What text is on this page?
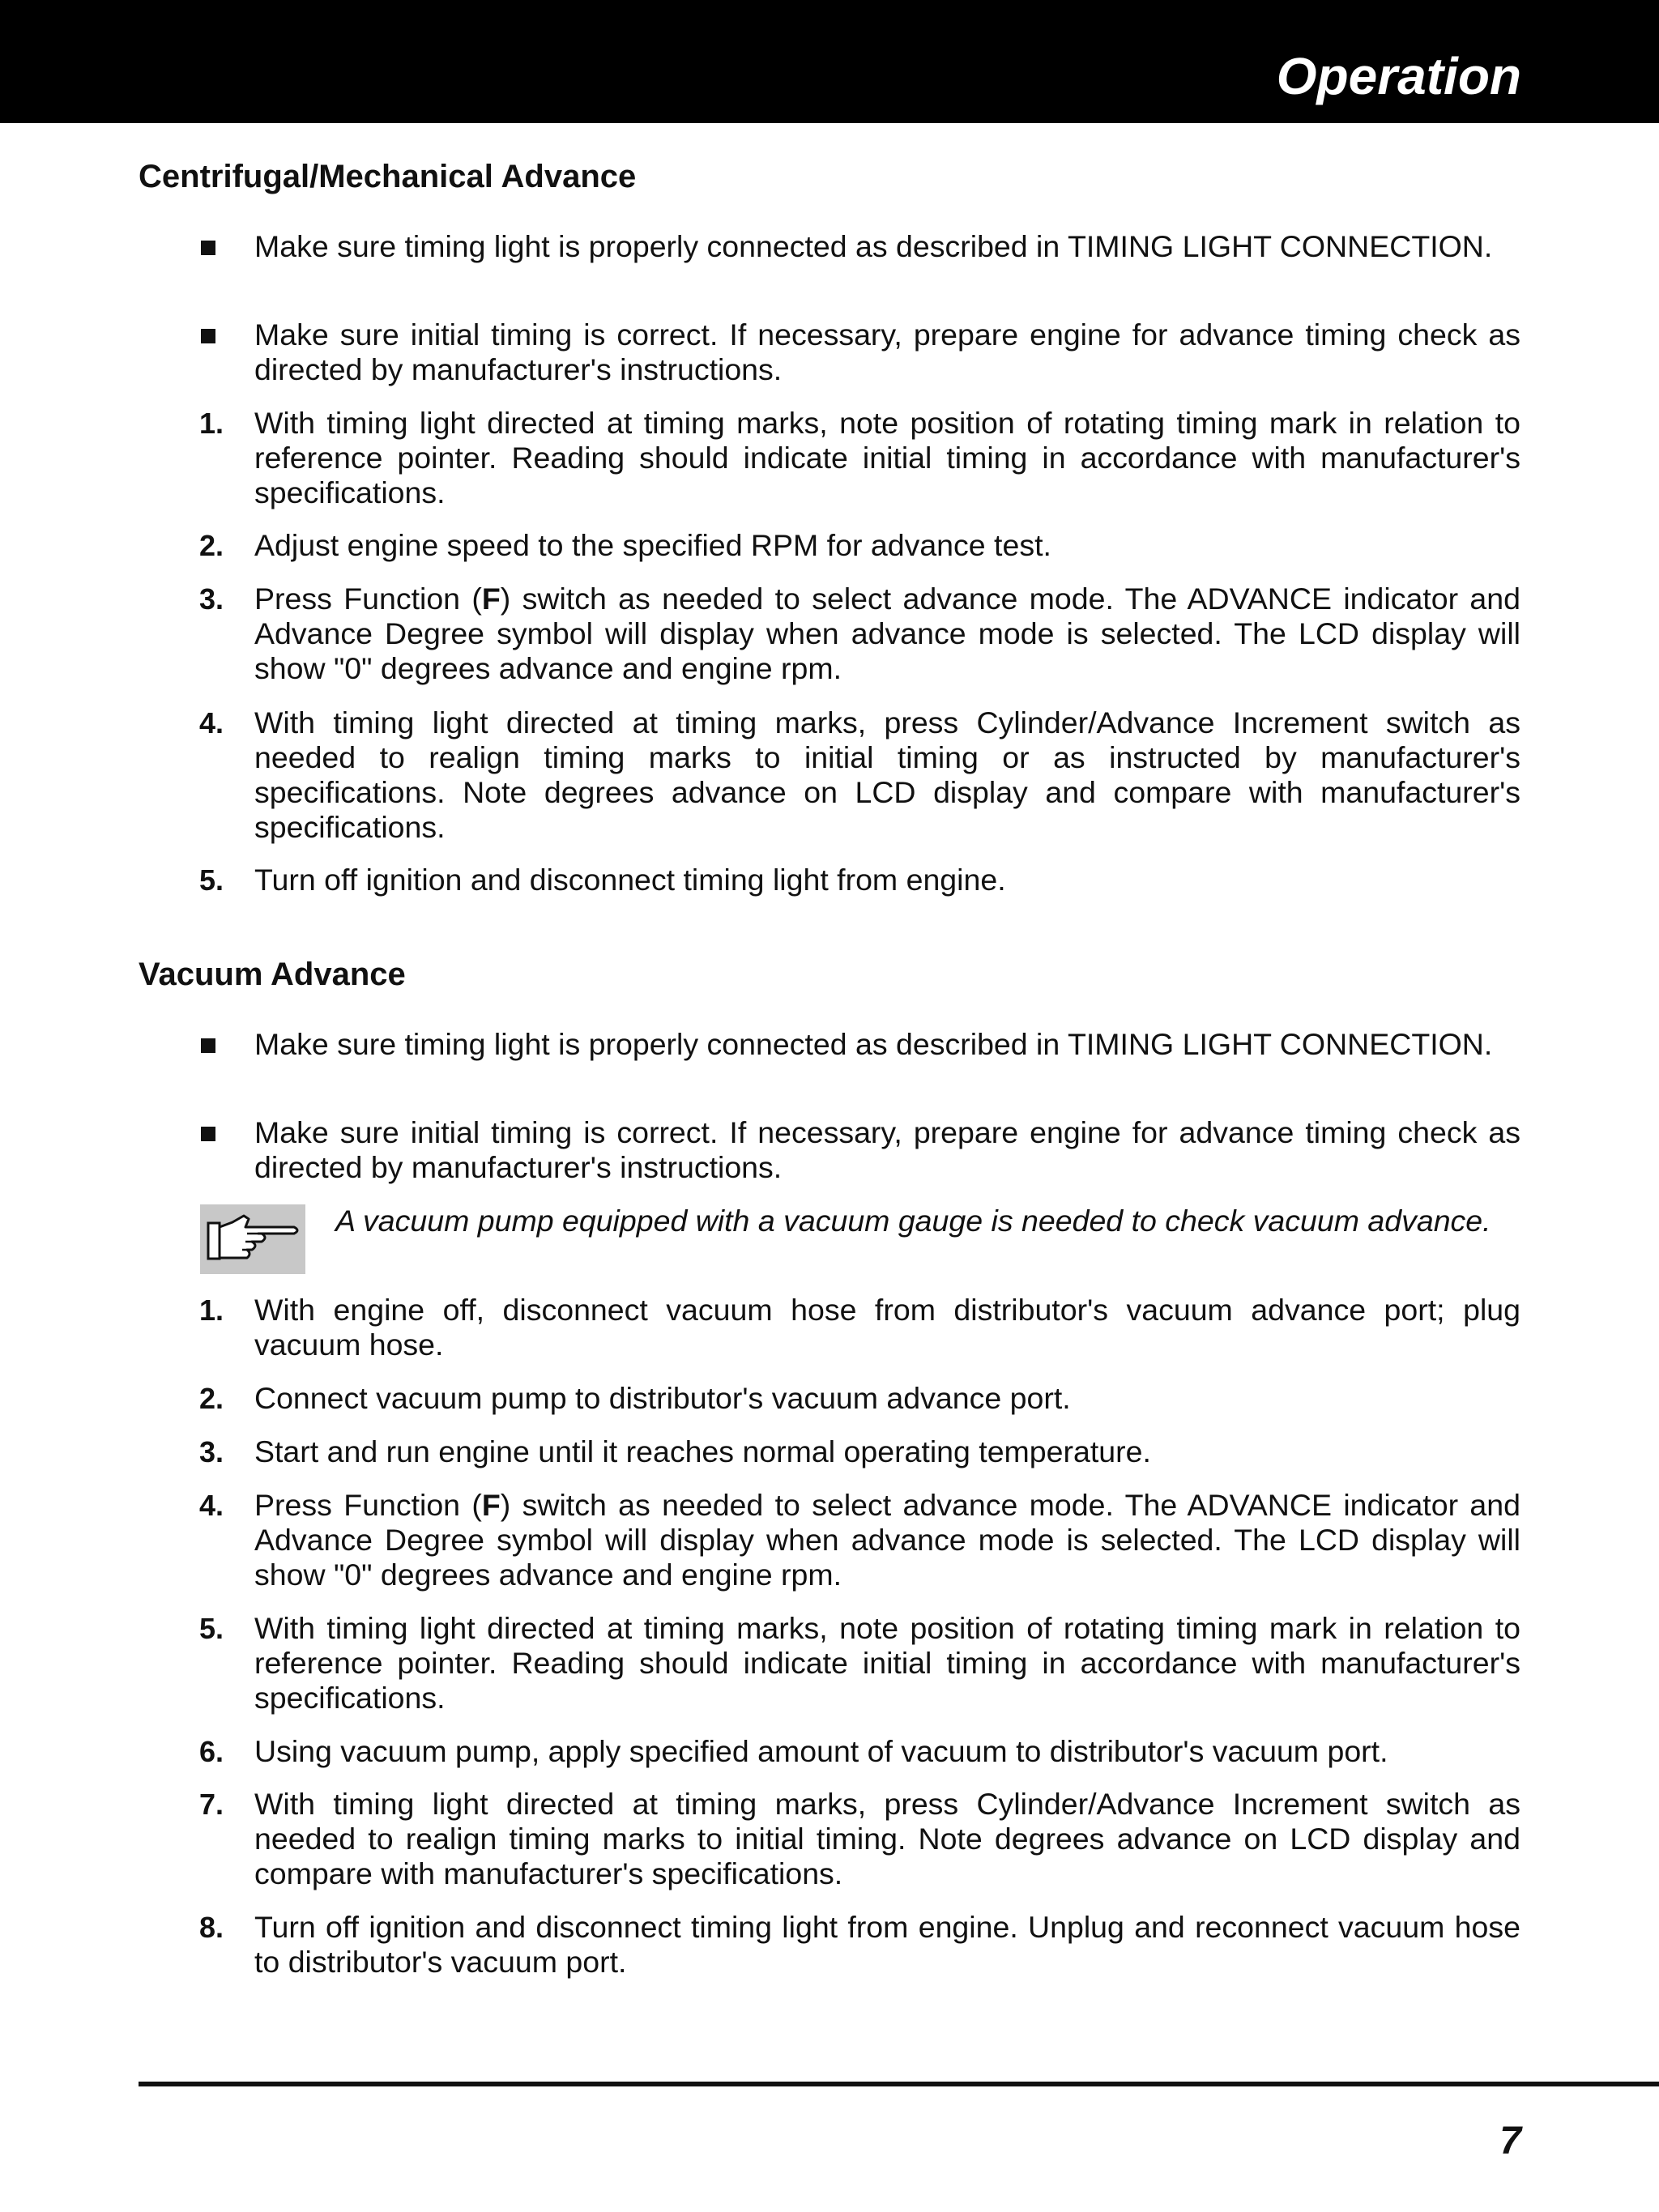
Operation
Centrifugal/Mechanical Advance
Make sure timing light is properly connected as described in TIMING LIGHT CONNECTION.
Make sure initial timing is correct. If necessary, prepare engine for advance timing check as directed by manufacturer's instructions.
1. With timing light directed at timing marks, note position of rotating timing mark in relation to reference pointer. Reading should indicate initial timing in accordance with manufacturer's specifications.
2. Adjust engine speed to the specified RPM for advance test.
3. Press Function (F) switch as needed to select advance mode. The ADVANCE indicator and Advance Degree symbol will display when advance mode is selected. The LCD display will show "0" degrees advance and engine rpm.
4. With timing light directed at timing marks, press Cylinder/Advance Increment switch as needed to realign timing marks to initial timing or as instructed by manufacturer's specifications. Note degrees advance on LCD display and compare with manufacturer's specifications.
5. Turn off ignition and disconnect timing light from engine.
Vacuum Advance
Make sure timing light is properly connected as described in TIMING LIGHT CONNECTION.
Make sure initial timing is correct. If necessary, prepare engine for advance timing check as directed by manufacturer's instructions.
A vacuum pump equipped with a vacuum gauge is needed to check vacuum advance.
1. With engine off, disconnect vacuum hose from distributor's vacuum advance port; plug vacuum hose.
2. Connect vacuum pump to distributor's vacuum advance port.
3. Start and run engine until it reaches normal operating temperature.
4. Press Function (F) switch as needed to select advance mode. The ADVANCE indicator and Advance Degree symbol will display when advance mode is selected. The LCD display will show "0" degrees advance and engine rpm.
5. With timing light directed at timing marks, note position of rotating timing mark in relation to reference pointer. Reading should indicate initial timing in accordance with manufacturer's specifications.
6. Using vacuum pump, apply specified amount of vacuum to distributor's vacuum port.
7. With timing light directed at timing marks, press Cylinder/Advance Increment switch as needed to realign timing marks to initial timing. Note degrees advance on LCD display and compare with manufacturer's specifications.
8. Turn off ignition and disconnect timing light from engine. Unplug and reconnect vacuum hose to distributor's vacuum port.

7
